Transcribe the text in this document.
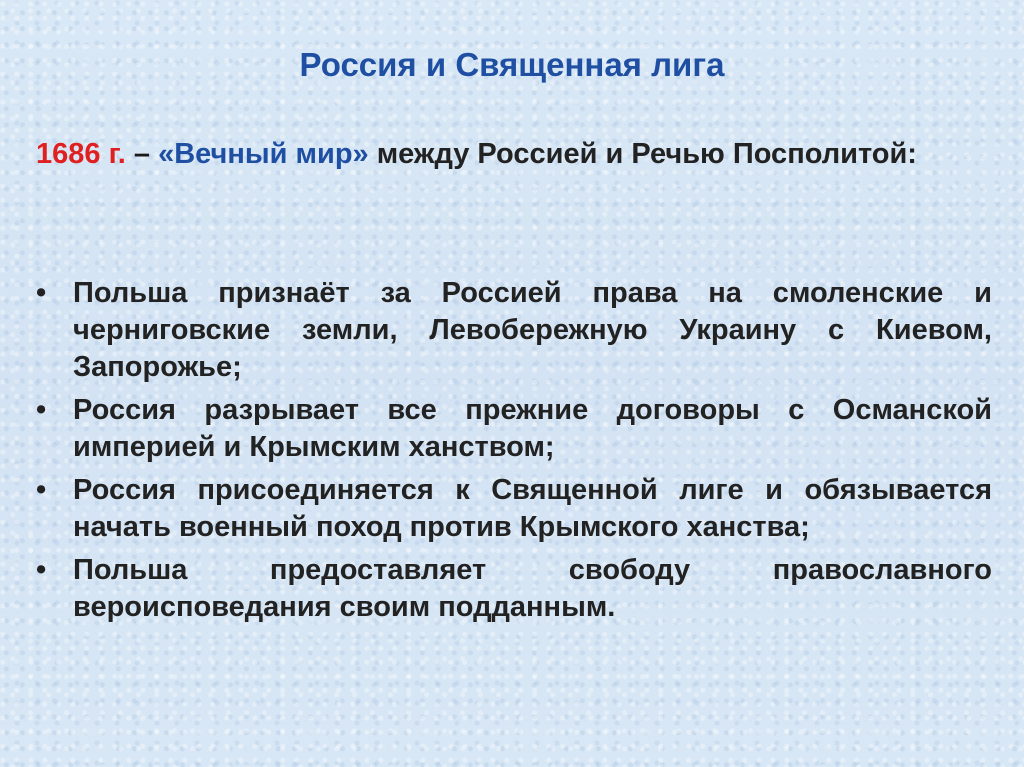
Россия и Священная лига
1686 г. – «Вечный мир» между Россией и Речью Посполитой:
• Польша признаёт за Россией права на смоленские и черниговские земли, Левобережную Украину с Киевом, Запорожье;
• Россия разрывает все прежние договоры с Османской империей и Крымским ханством;
• Россия присоединяется к Священной лиге и обязывается начать военный поход против Крымского ханства;
• Польша предоставляет свободу православного вероисповедания своим подданным.
